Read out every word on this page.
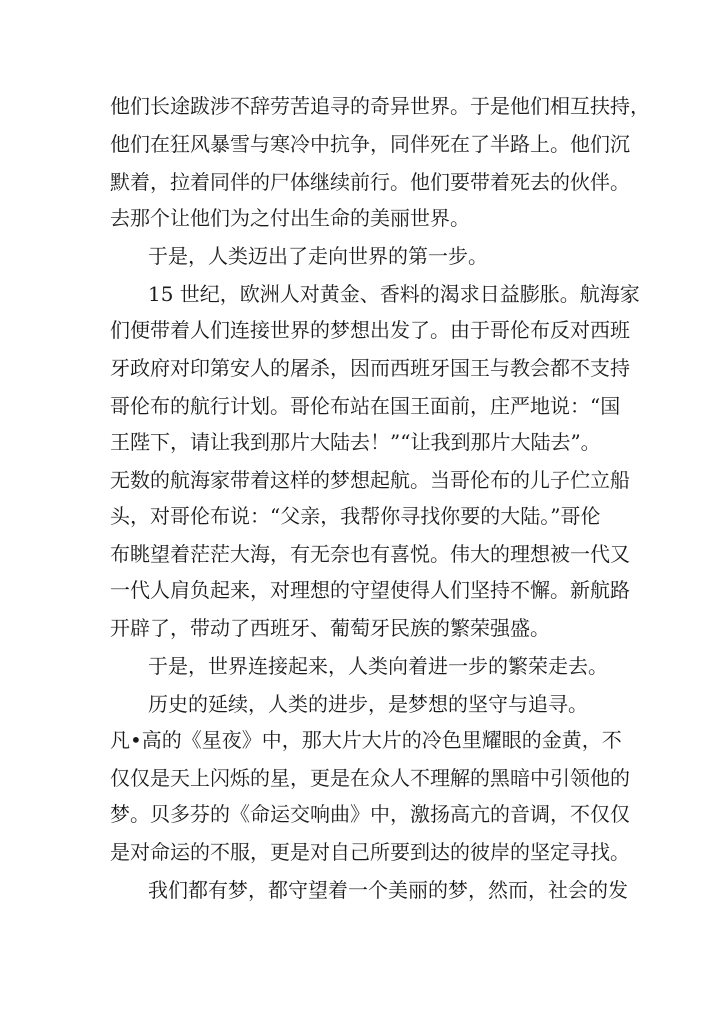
他们长途跋涉不辞劳苦追寻的奇异世界。于是他们相互扶持，
他们在狂风暴雪与寒冷中抗争，同伴死在了半路上。他们沉
默着，拉着同伴的尸体继续前行。他们要带着死去的伙伴。
去那个让他们为之付出生命的美丽世界。
于是，人类迈出了走向世界的第一步。
15 世纪，欧洲人对黄金、香料的渴求日益膨胀。航海家
们便带着人们连接世界的梦想出发了。由于哥伦布反对西班
牙政府对印第安人的屠杀，因而西班牙国王与教会都不支持
哥伦布的航行计划。哥伦布站在国王面前，庄严地说：“国
王陛下，请让我到那片大陆去！”“让我到那片大陆去”。
无数的航海家带着这样的梦想起航。当哥伦布的儿子伫立船
头，对哥伦布说：“父亲，我帮你寻找你要的大陆。”哥伦
布眺望着茫茫大海，有无奈也有喜悦。伟大的理想被一代又
一代人肩负起来，对理想的守望使得人们坚持不懈。新航路
开辟了，带动了西班牙、葡萄牙民族的繁荣强盛。
于是，世界连接起来，人类向着进一步的繁荣走去。
历史的延续，人类的进步，是梦想的坚守与追寻。
凡•高的《星夜》中，那大片大片的冷色里耀眼的金黄，不
仅仅是天上闪烁的星，更是在众人不理解的黑暗中引领他的
梦。贝多芬的《命运交响曲》中，激扬高亢的音调，不仅仅
是对命运的不服，更是对自己所要到达的彼岸的坚定寻找。
我们都有梦，都守望着一个美丽的梦，然而，社会的发
